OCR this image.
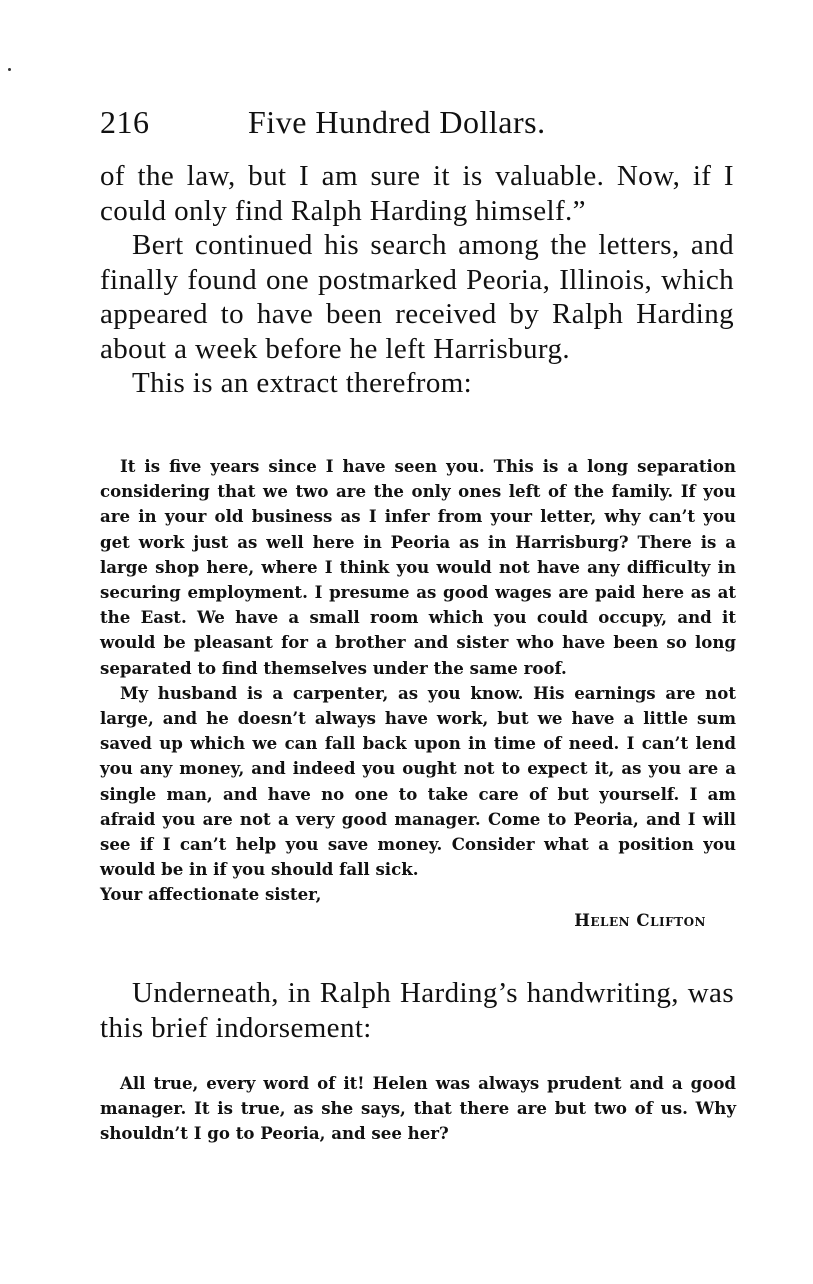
216	Five Hundred Dollars.

of the law, but I am sure it is valuable. Now, if I could only find Ralph Harding himself.”

Bert continued his search among the letters, and finally found one postmarked Peoria, Illinois, which appeared to have been received by Ralph Harding about a week before he left Harrisburg.

This is an extract therefrom:

It is five years since I have seen you. This is a long separation considering that we two are the only ones left of the family. If you are in your old business as I infer from your letter, why can’t you get work just as well here in Peoria as in Harrisburg? There is a large shop here, where I think you would not have any difficulty in securing employment. I presume as good wages are paid here as at the East. We have a small room which you could occupy, and it would be pleasant for a brother and sister who have been so long separated to find themselves under the same roof.

My husband is a carpenter, as you know. His earnings are not large, and he doesn’t always have work, but we have a little sum saved up which we can fall back upon in time of need. I can’t lend you any money, and indeed you ought not to expect it, as you are a single man, and have no one to take care of but yourself. I am afraid you are not a very good manager. Come to Peoria, and I will see if I can’t help you save money. Consider what a position you would be in if you should fall sick.

Your affectionate sister,

Helen Clifton

Underneath, in Ralph Harding’s handwriting, was this brief indorsement:

All true, every word of it! Helen was always prudent and a good manager. It is true, as she says, that there are but two of us. Why shouldn’t I go to Peoria, and see her?
